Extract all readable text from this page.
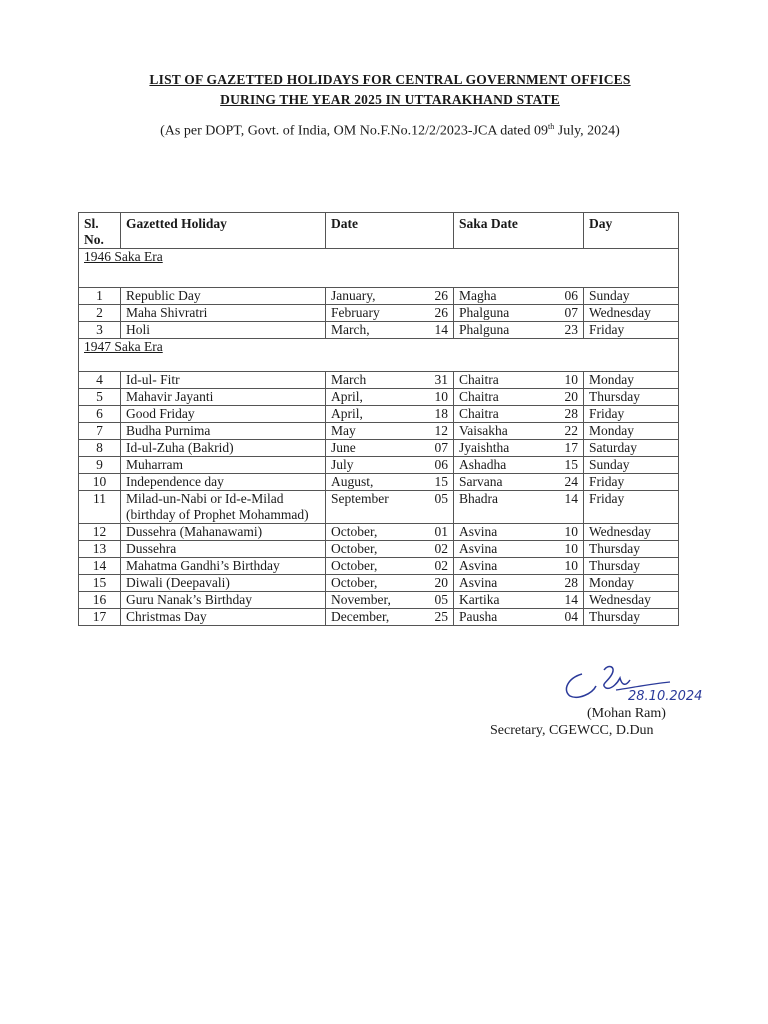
LIST OF GAZETTED HOLIDAYS FOR CENTRAL GOVERNMENT OFFICES
DURING THE YEAR 2025 IN UTTARAKHAND STATE
(As per DOPT, Govt. of India, OM No.F.No.12/2/2023-JCA dated 09th July, 2024)
Sl. No.	Gazetted Holiday	Date	Saka Date	Day
1946 Saka Era				
1	Republic Day	January, 26	Magha 06	Sunday
2	Maha Shivratri	February 26	Phalguna 07	Wednesday
3	Holi	March, 14	Phalguna 23	Friday
1947 Saka Era				
4	Id-ul- Fitr	March 31	Chaitra 10	Monday
5	Mahavir Jayanti	April, 10	Chaitra 20	Thursday
6	Good Friday	April, 18	Chaitra 28	Friday
7	Budha Purnima	May 12	Vaisakha 22	Monday
8	Id-ul-Zuha (Bakrid)	June 07	Jyaishtha 17	Saturday
9	Muharram	July 06	Ashadha 15	Sunday
10	Independence day	August, 15	Sarvana 24	Friday
11	Milad-un-Nabi or Id-e-Milad (birthday of Prophet Mohammad)	September 05	Bhadra 14	Friday
12	Dussehra (Mahanawami)	October, 01	Asvina 10	Wednesday
13	Dussehra	October, 02	Asvina 10	Thursday
14	Mahatma Gandhi’s Birthday	October, 02	Asvina 10	Thursday
15	Diwali (Deepavali)	October, 20	Asvina 28	Monday
16	Guru Nanak’s Birthday	November, 05	Kartika 14	Wednesday
17	Christmas Day	December, 25	Pausha 04	Thursday
28.10.2024
(Mohan Ram)
Secretary, CGEWCC, D.Dun
